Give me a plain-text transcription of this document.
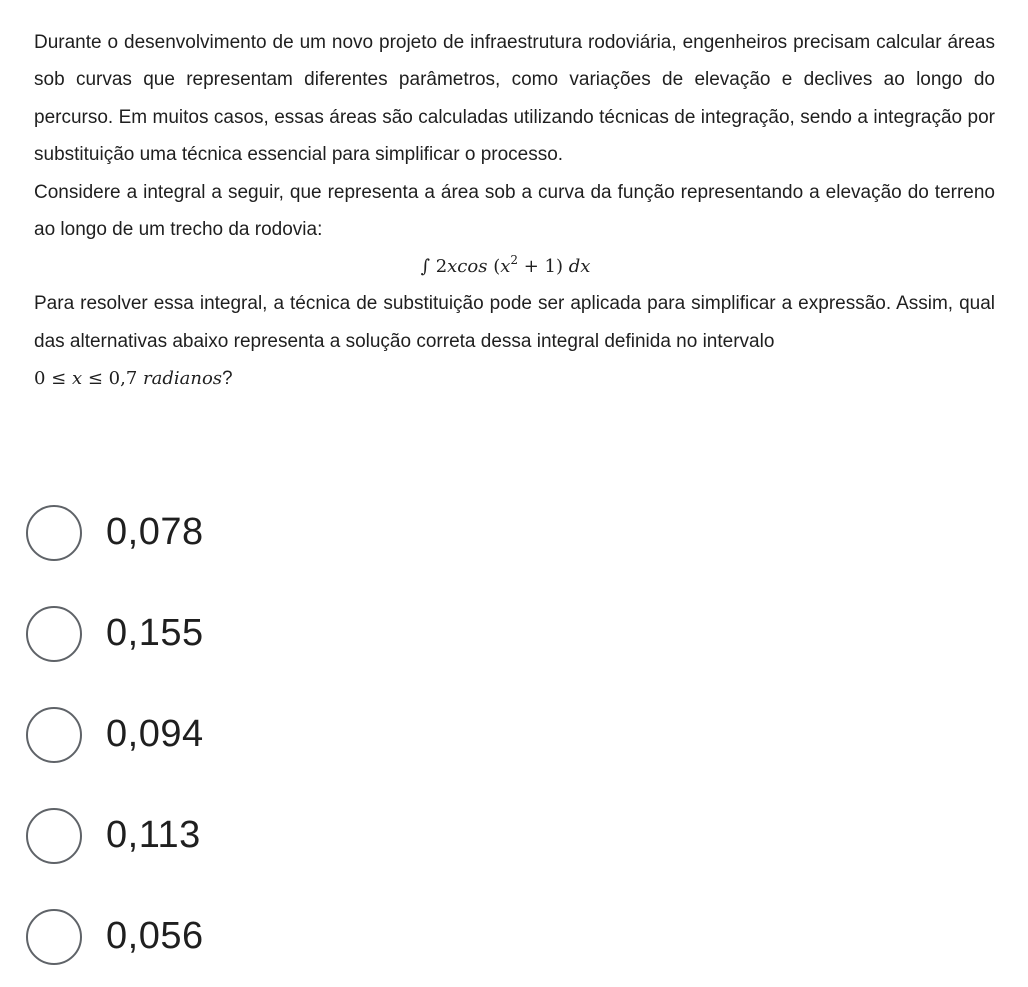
Durante o desenvolvimento de um novo projeto de infraestrutura rodoviária, engenheiros precisam calcular áreas sob curvas que representam diferentes parâmetros, como variações de elevação e declives ao longo do percurso. Em muitos casos, essas áreas são calculadas utilizando técnicas de integração, sendo a integração por substituição uma técnica essencial para simplificar o processo.

Considere a integral a seguir, que representa a área sob a curva da função representando a elevação do terreno ao longo de um trecho da rodovia:

∫ 2xcos $(x^2 + 1)$ dx

Para resolver essa integral, a técnica de substituição pode ser aplicada para simplificar a expressão. Assim, qual das alternativas abaixo representa a solução correta dessa integral definida no intervalo
0 ≤ x ≤ 0,7 radianos?

0,078
0,155
0,094
0,113
0,056
